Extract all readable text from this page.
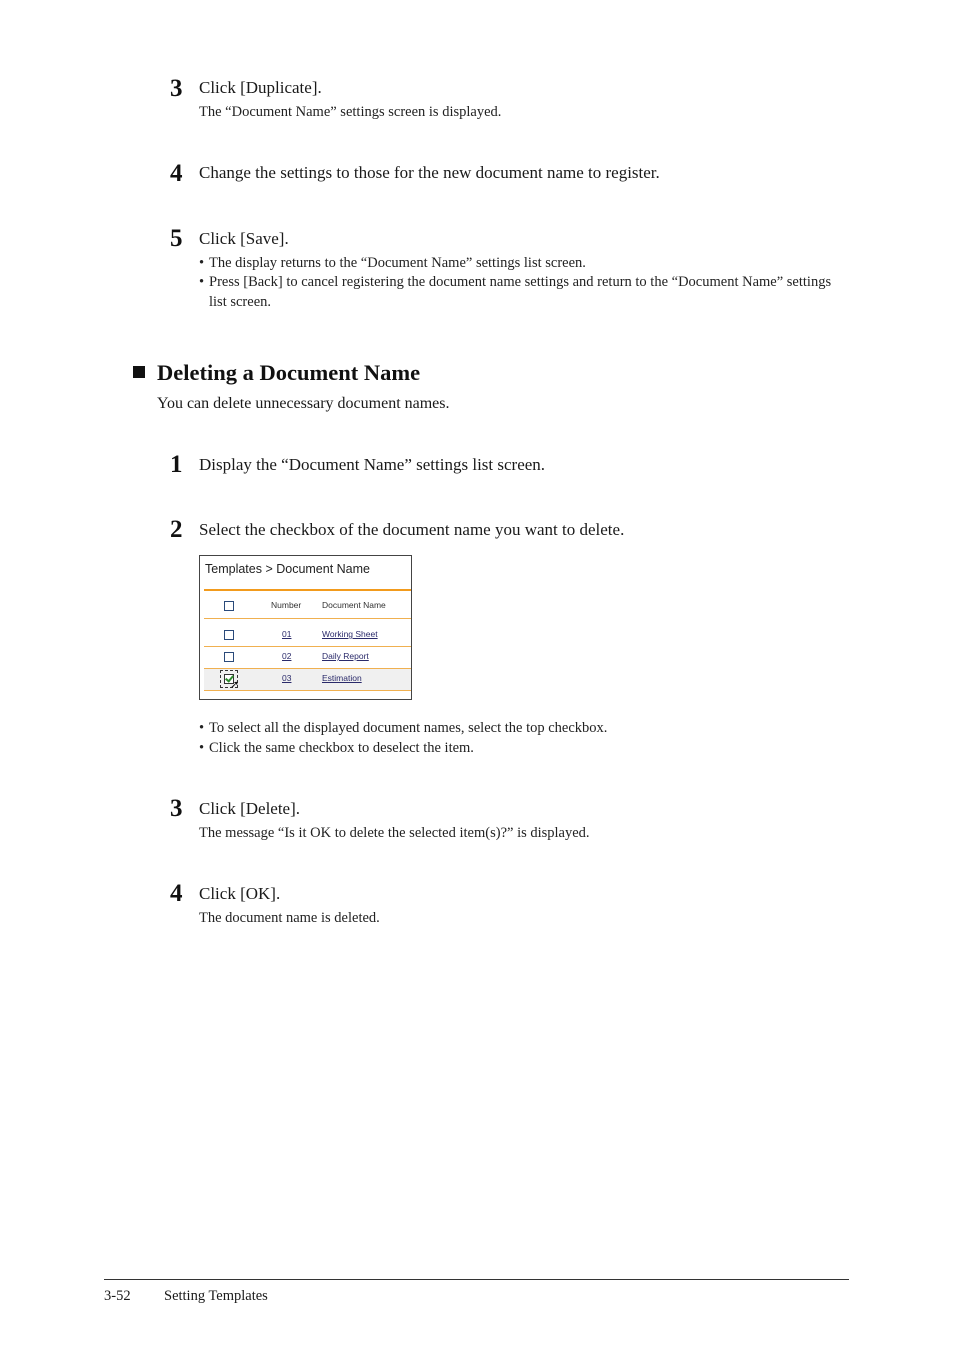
3 Click [Duplicate].
The “Document Name” settings screen is displayed.
4 Change the settings to those for the new document name to register.
5 Click [Save].
• The display returns to the “Document Name” settings list screen.
• Press [Back] to cancel registering the document name settings and return to the “Document Name” settings list screen.
Deleting a Document Name
You can delete unnecessary document names.
1 Display the “Document Name” settings list screen.
2 Select the checkbox of the document name you want to delete.
Templates > Document Name
Number Document Name
01	Working Sheet
02	Daily Report
➚
03	Estimation
• To select all the displayed document names, select the top checkbox.
• Click the same checkbox to deselect the item.
3 Click [Delete].
The message “Is it OK to delete the selected item(s)?” is displayed.
4 Click [OK].
The document name is deleted.
3-52 Setting Templates
